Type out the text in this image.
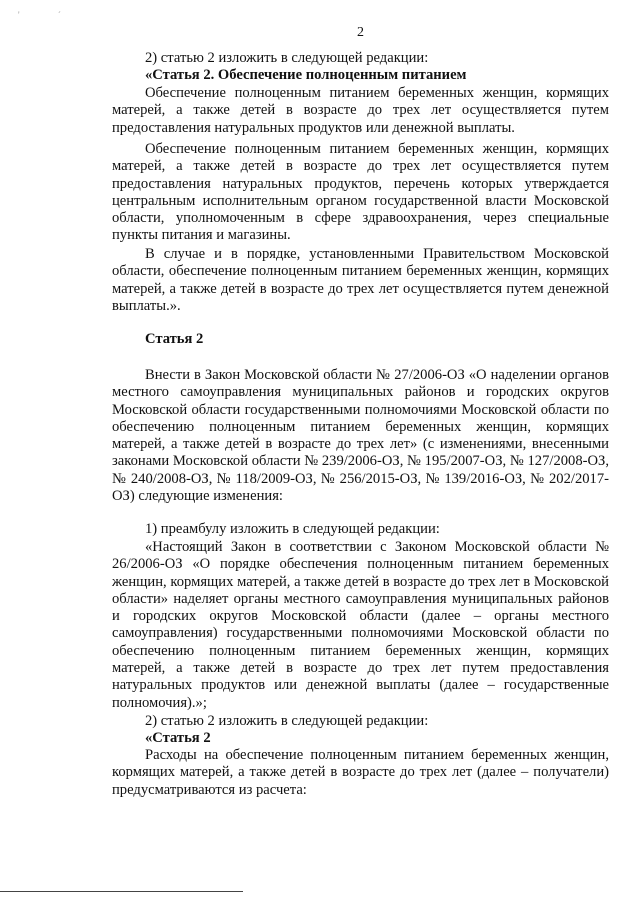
' ´
2

2) статью 2 изложить в следующей редакции:

«Статья 2. Обеспечение полноценным питанием

Обеспечение полноценным питанием беременных женщин, кормящих матерей, а также детей в возрасте до трех лет осуществляется путем предоставления натуральных продуктов или денежной выплаты.

Обеспечение полноценным питанием беременных женщин, кормящих матерей, а также детей в возрасте до трех лет осуществляется путем предоставления натуральных продуктов, перечень которых утверждается центральным исполнительным органом государственной власти Московской области, уполномоченным в сфере здравоохранения, через специальные пункты питания и магазины.

В случае и в порядке, установленными Правительством Московской области, обеспечение полноценным питанием беременных женщин, кормящих матерей, а также детей в возрасте до трех лет осуществляется путем денежной выплаты.».

Статья 2

Внести в Закон Московской области № 27/2006-ОЗ «О наделении органов местного самоуправления муниципальных районов и городских округов Московской области государственными полномочиями Московской области по обеспечению полноценным питанием беременных женщин, кормящих матерей, а также детей в возрасте до трех лет» (с изменениями, внесенными законами Московской области № 239/2006-ОЗ, № 195/2007-ОЗ, № 127/2008-ОЗ, № 240/2008-ОЗ, № 118/2009-ОЗ, № 256/2015-ОЗ, № 139/2016-ОЗ, № 202/2017-ОЗ) следующие изменения:

1) преамбулу изложить в следующей редакции:

«Настоящий Закон в соответствии с Законом Московской области № 26/2006-ОЗ «О порядке обеспечения полноценным питанием беременных женщин, кормящих матерей, а также детей в возрасте до трех лет в Московской области» наделяет органы местного самоуправления муниципальных районов и городских округов Московской области (далее – органы местного самоуправления) государственными полномочиями Московской области по обеспечению полноценным питанием беременных женщин, кормящих матерей, а также детей в возрасте до трех лет путем предоставления натуральных продуктов или денежной выплаты (далее – государственные полномочия).»;

2) статью 2 изложить в следующей редакции:

«Статья 2

Расходы на обеспечение полноценным питанием беременных женщин, кормящих матерей, а также детей в возрасте до трех лет (далее – получатели) предусматриваются из расчета:
